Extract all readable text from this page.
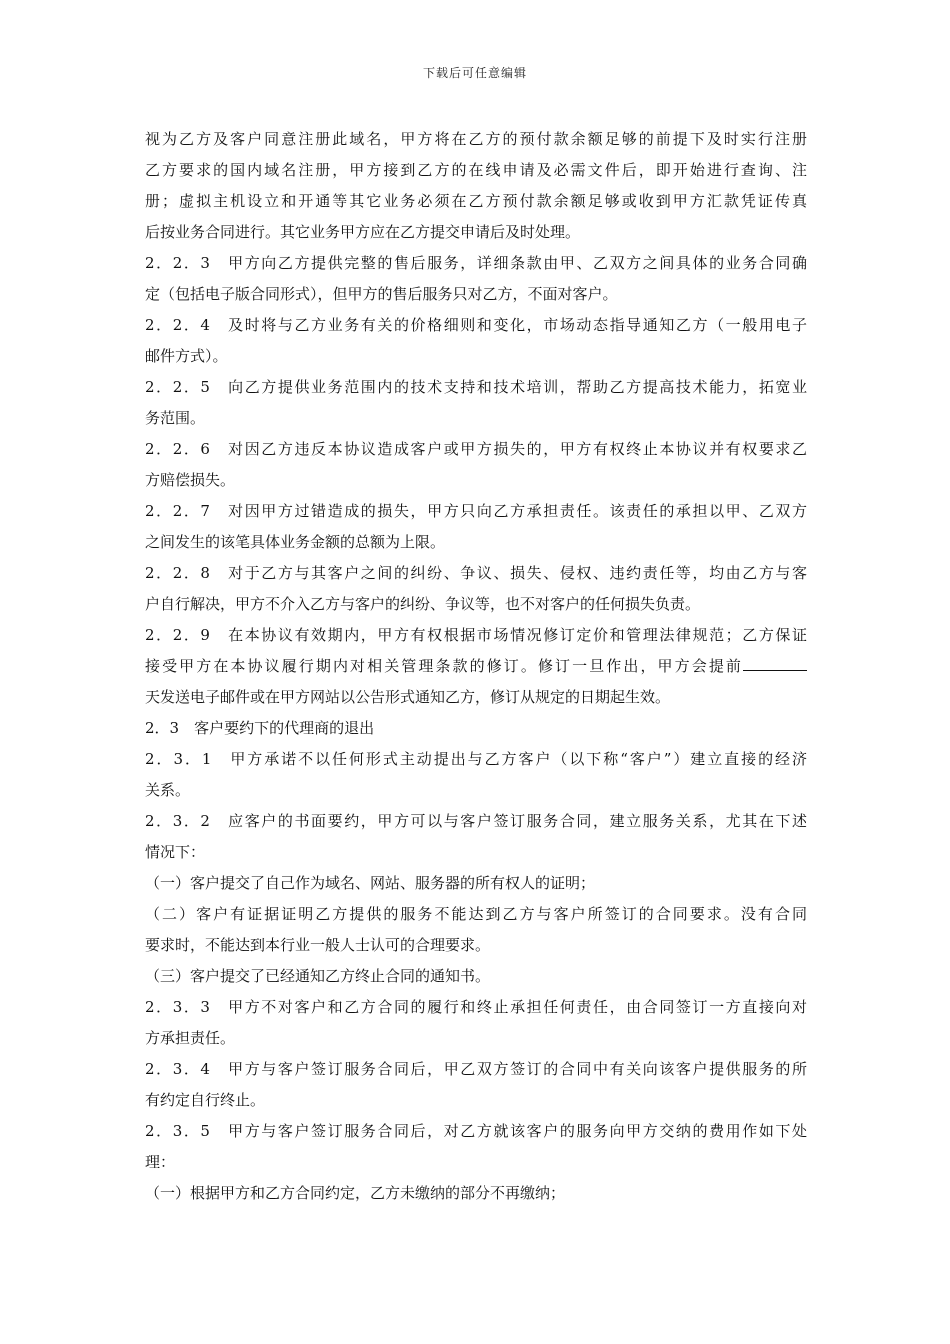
下载后可任意编辑
视为乙方及客户同意注册此域名，甲方将在乙方的预付款余额足够的前提下及时实行注册
乙方要求的国内域名注册，甲方接到乙方的在线申请及必需文件后，即开始进行查询、注
册；虚拟主机设立和开通等其它业务必须在乙方预付款余额足够或收到甲方汇款凭证传真
后按业务合同进行。其它业务甲方应在乙方提交申请后及时处理。
2．2．3　甲方向乙方提供完整的售后服务，详细条款由甲、乙双方之间具体的业务合同确
定（包括电子版合同形式），但甲方的售后服务只对乙方，不面对客户。
2．2．4　及时将与乙方业务有关的价格细则和变化，市场动态指导通知乙方（一般用电子
邮件方式）。
2．2．5　向乙方提供业务范围内的技术支持和技术培训，帮助乙方提高技术能力，拓宽业
务范围。
2．2．6　对因乙方违反本协议造成客户或甲方损失的，甲方有权终止本协议并有权要求乙
方赔偿损失。
2．2．7　对因甲方过错造成的损失，甲方只向乙方承担责任。该责任的承担以甲、乙双方
之间发生的该笔具体业务金额的总额为上限。
2．2．8　对于乙方与其客户之间的纠纷、争议、损失、侵权、违约责任等，均由乙方与客
户自行解决，甲方不介入乙方与客户的纠纷、争议等，也不对客户的任何损失负责。
2．2．9　在本协议有效期内，甲方有权根据市场情况修订定价和管理法律规范；乙方保证
接受甲方在本协议履行期内对相关管理条款的修订。修订一旦作出，甲方会提前
天发送电子邮件或在甲方网站以公告形式通知乙方，修订从规定的日期起生效。
2．3　客户要约下的代理商的退出
2．3．1　甲方承诺不以任何形式主动提出与乙方客户（以下称“客户”）建立直接的经济
关系。
2．3．2　应客户的书面要约，甲方可以与客户签订服务合同，建立服务关系，尤其在下述
情况下：
（一）客户提交了自己作为域名、网站、服务器的所有权人的证明；
（二）客户有证据证明乙方提供的服务不能达到乙方与客户所签订的合同要求。没有合同
要求时，不能达到本行业一般人士认可的合理要求。
（三）客户提交了已经通知乙方终止合同的通知书。
2．3．3　甲方不对客户和乙方合同的履行和终止承担任何责任，由合同签订一方直接向对
方承担责任。
2．3．4　甲方与客户签订服务合同后，甲乙双方签订的合同中有关向该客户提供服务的所
有约定自行终止。
2．3．5　甲方与客户签订服务合同后，对乙方就该客户的服务向甲方交纳的费用作如下处
理：
（一）根据甲方和乙方合同约定，乙方未缴纳的部分不再缴纳；
